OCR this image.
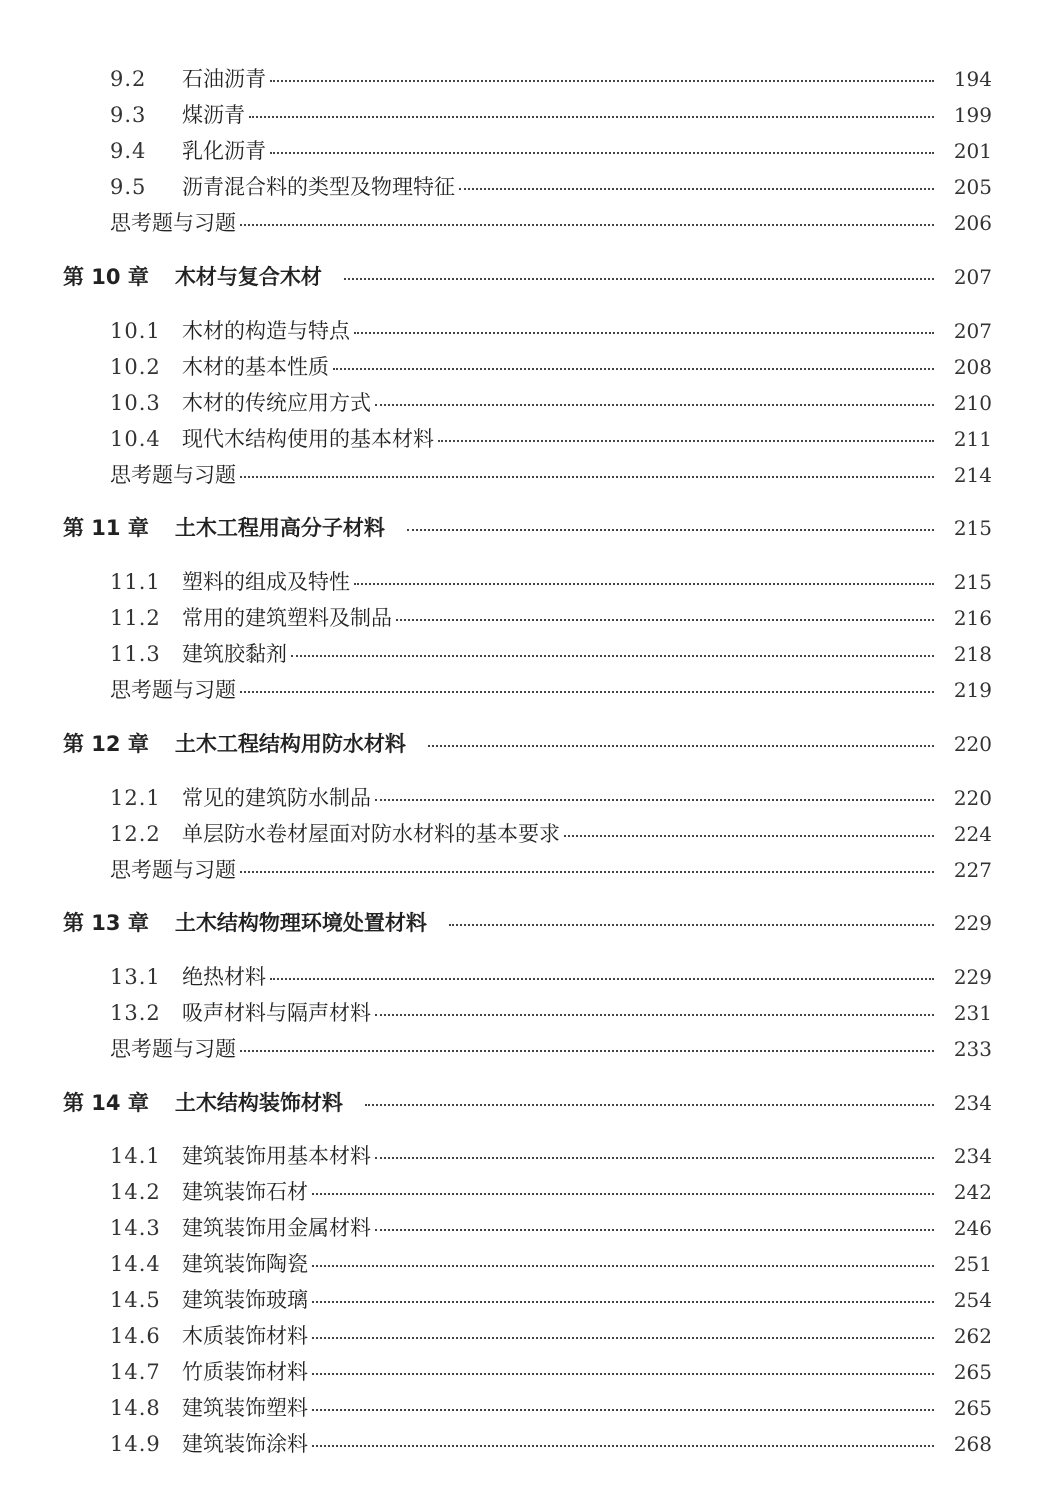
9.2	石油沥青	194
9.3	煤沥青	199
9.4	乳化沥青	201
9.5	沥青混合料的类型及物理特征	205
思考题与习题	206
第 10 章 木材与复合木材	207
10.1	木材的构造与特点	207
10.2	木材的基本性质	208
10.3	木材的传统应用方式	210
10.4	现代木结构使用的基本材料	211
思考题与习题	214
第 11 章 土木工程用高分子材料	215
11.1	塑料的组成及特性	215
11.2	常用的建筑塑料及制品	216
11.3	建筑胶黏剂	218
思考题与习题	219
第 12 章 土木工程结构用防水材料	220
12.1	常见的建筑防水制品	220
12.2	单层防水卷材屋面对防水材料的基本要求	224
思考题与习题	227
第 13 章 土木结构物理环境处置材料	229
13.1	绝热材料	229
13.2	吸声材料与隔声材料	231
思考题与习题	233
第 14 章 土木结构装饰材料	234
14.1	建筑装饰用基本材料	234
14.2	建筑装饰石材	242
14.3	建筑装饰用金属材料	246
14.4	建筑装饰陶瓷	251
14.5	建筑装饰玻璃	254
14.6	木质装饰材料	262
14.7	竹质装饰材料	265
14.8	建筑装饰塑料	265
14.9	建筑装饰涂料	268
